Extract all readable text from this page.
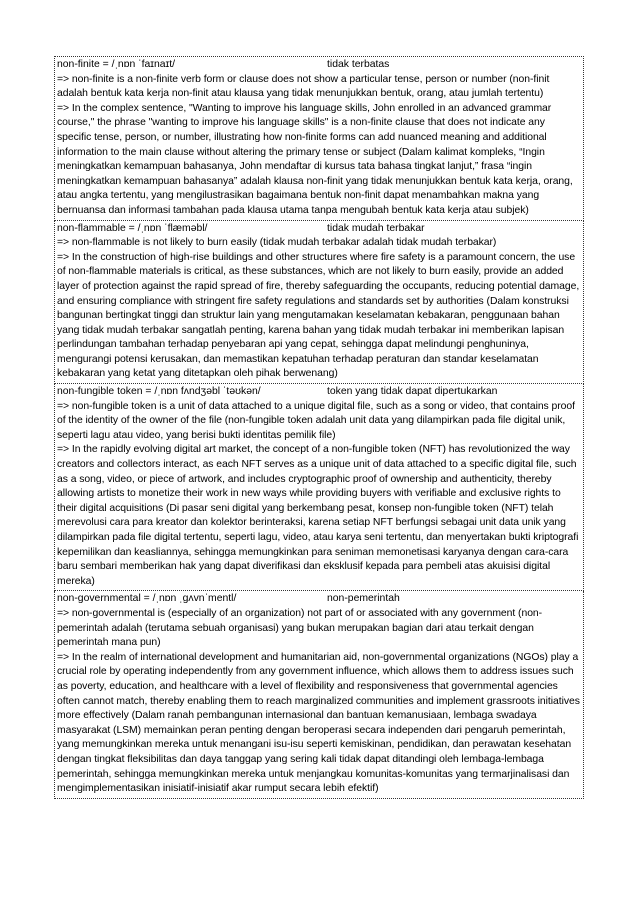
non-finite = /ˌnɒn ˈfaɪnaɪt/	tidak terbatas
=> non-finite is a non-finite verb form or clause does not show a particular tense, person or number (non-finit adalah bentuk kata kerja non-finit atau klausa yang tidak menunjukkan bentuk, orang, atau jumlah tertentu)
=> In the complex sentence, "Wanting to improve his language skills, John enrolled in an advanced grammar course," the phrase "wanting to improve his language skills" is a non-finite clause that does not indicate any specific tense, person, or number, illustrating how non-finite forms can add nuanced meaning and additional information to the main clause without altering the primary tense or subject (Dalam kalimat kompleks, “Ingin meningkatkan kemampuan bahasanya, John mendaftar di kursus tata bahasa tingkat lanjut,” frasa “ingin meningkatkan kemampuan bahasanya” adalah klausa non-finit yang tidak menunjukkan bentuk kata kerja, orang, atau angka tertentu, yang mengilustrasikan bagaimana bentuk non-finit dapat menambahkan makna yang bernuansa dan informasi tambahan pada klausa utama tanpa mengubah bentuk kata kerja atau subjek)
non-flammable = /ˌnɒn ˈflæməbl/	tidak mudah terbakar
=> non-flammable is not likely to burn easily (tidak mudah terbakar adalah tidak mudah terbakar)
=> In the construction of high-rise buildings and other structures where fire safety is a paramount concern, the use of non-flammable materials is critical, as these substances, which are not likely to burn easily, provide an added layer of protection against the rapid spread of fire, thereby safeguarding the occupants, reducing potential damage, and ensuring compliance with stringent fire safety regulations and standards set by authorities (Dalam konstruksi bangunan bertingkat tinggi dan struktur lain yang mengutamakan keselamatan kebakaran, penggunaan bahan yang tidak mudah terbakar sangatlah penting, karena bahan yang tidak mudah terbakar ini memberikan lapisan perlindungan tambahan terhadap penyebaran api yang cepat, sehingga dapat melindungi penghuninya, mengurangi potensi kerusakan, dan memastikan kepatuhan terhadap peraturan dan standar keselamatan kebakaran yang ketat yang ditetapkan oleh pihak berwenang)
non-fungible token = /ˌnɒn fʌndʒəbl ˈtəʊkən/	token yang tidak dapat dipertukarkan
=> non-fungible token is a unit of data attached to a unique digital file, such as a song or video, that contains proof of the identity of the owner of the file (non-fungible token adalah unit data yang dilampirkan pada file digital unik, seperti lagu atau video, yang berisi bukti identitas pemilik file)
=> In the rapidly evolving digital art market, the concept of a non-fungible token (NFT) has revolutionized the way creators and collectors interact, as each NFT serves as a unique unit of data attached to a specific digital file, such as a song, video, or piece of artwork, and includes cryptographic proof of ownership and authenticity, thereby allowing artists to monetize their work in new ways while providing buyers with verifiable and exclusive rights to their digital acquisitions (Di pasar seni digital yang berkembang pesat, konsep non-fungible token (NFT) telah merevolusi cara para kreator dan kolektor berinteraksi, karena setiap NFT berfungsi sebagai unit data unik yang dilampirkan pada file digital tertentu, seperti lagu, video, atau karya seni tertentu, dan menyertakan bukti kriptografi kepemilikan dan keasliannya, sehingga memungkinkan para seniman memonetisasi karyanya dengan cara-cara baru sembari memberikan hak yang dapat diverifikasi dan eksklusif kepada para pembeli atas akuisisi digital mereka)
non-governmental = /ˌnɒn ˌɡʌvnˈmentl/	non-pemerintah
=> non-governmental is (especially of an organization) not part of or associated with any government (non-pemerintah adalah (terutama sebuah organisasi) yang bukan merupakan bagian dari atau terkait dengan pemerintah mana pun)
=> In the realm of international development and humanitarian aid, non-governmental organizations (NGOs) play a crucial role by operating independently from any government influence, which allows them to address issues such as poverty, education, and healthcare with a level of flexibility and responsiveness that governmental agencies often cannot match, thereby enabling them to reach marginalized communities and implement grassroots initiatives more effectively (Dalam ranah pembangunan internasional dan bantuan kemanusiaan, lembaga swadaya masyarakat (LSM) memainkan peran penting dengan beroperasi secara independen dari pengaruh pemerintah, yang memungkinkan mereka untuk menangani isu-isu seperti kemiskinan, pendidikan, dan perawatan kesehatan dengan tingkat fleksibilitas dan daya tanggap yang sering kali tidak dapat ditandingi oleh lembaga-lembaga pemerintah, sehingga memungkinkan mereka untuk menjangkau komunitas-komunitas yang termarjinalisasi dan mengimplementasikan inisiatif-inisiatif akar rumput secara lebih efektif)
